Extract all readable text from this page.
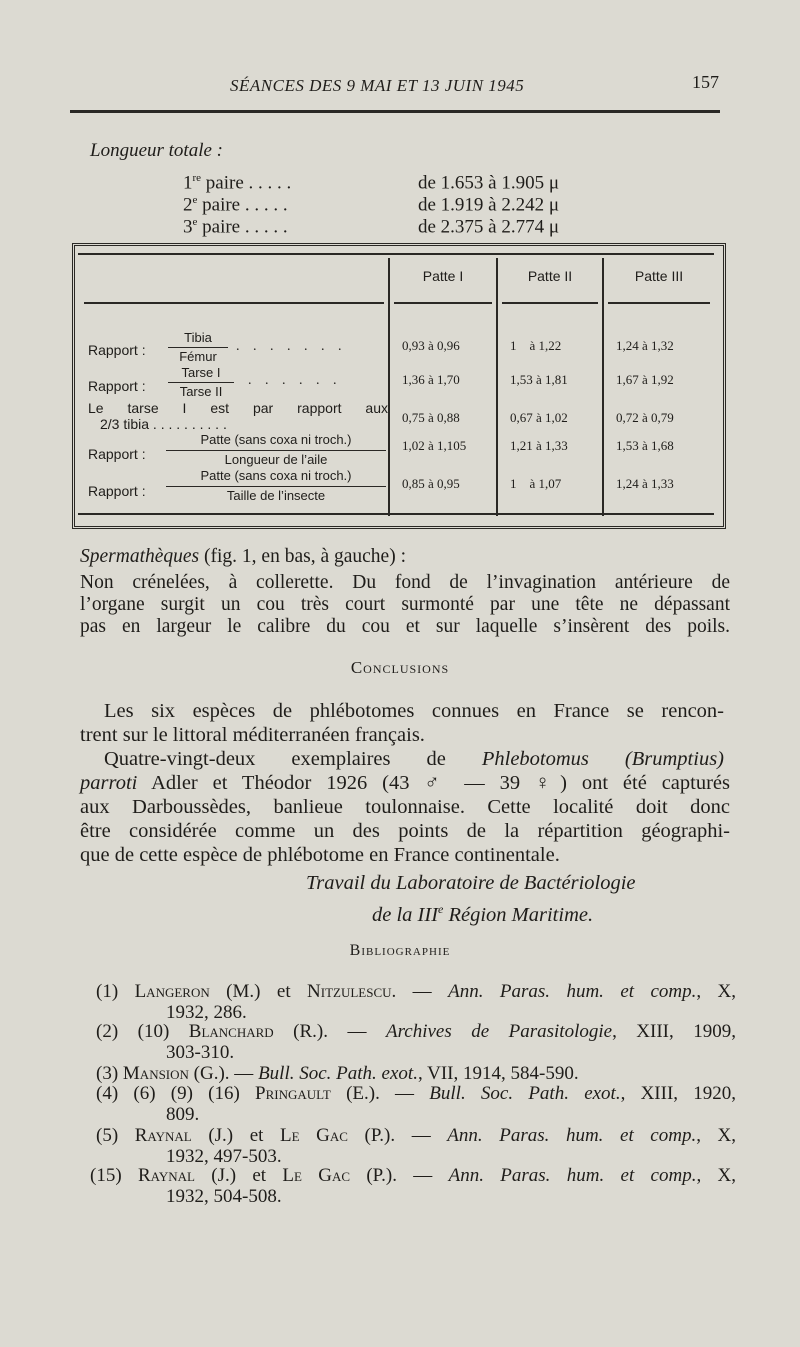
SÉANCES DES 9 MAI ET 13 JUIN 1945	157
Longueur totale :
1re paire . . . . .	de 1.653 à 1.905 μ
2e paire . . . . .	de 1.919 à 2.242 μ
3e paire . . . . .	de 2.375 à 2.774 μ
Patte I	Patte II	Patte III
Rapport :
Tibia
Fémur
. . . . . . .	0,93 à 0,96	1    à 1,22	1,24 à 1,32
Rapport :
Tarse I
Tarse II
. . . . . .	1,36 à 1,70	1,53 à 1,81	1,67 à 1,92
Le tarse I est par rapport aux
2/3 tibia . . . . . . . . . .	0,75 à 0,88	0,67 à 1,02	0,72 à 0,79
Rapport :
Patte (sans coxa ni troch.)
Longueur de l’aile
1,02 à 1,105	1,21 à 1,33	1,53 à 1,68
Rapport :
Patte (sans coxa ni troch.)
Taille de l’insecte
0,85 à 0,95	1    à 1,07	1,24 à 1,33
Spermathèques (fig. 1, en bas, à gauche) :
Non crénelées, à collerette. Du fond de l’invagination antérieure de
l’organe surgit un cou très court surmonté par une tête ne dépassant
pas en largeur le calibre du cou et sur laquelle s’insèrent des poils.
Conclusions
Les six espèces de phlébotomes connues en France se rencon-
trent sur le littoral méditerranéen français.
Quatre-vingt-deux exemplaires de Phlebotomus (Brumptius)
parroti Adler et Théodor 1926 (43 ♂ — 39 ♀) ont été capturés
aux Darboussèdes, banlieue toulonnaise. Cette localité doit donc
être considérée comme un des points de la répartition géographi-
que de cette espèce de phlébotome en France continentale.
Travail du Laboratoire de Bactériologie
de la IIIe Région Maritime.
Bibliographie
(1) Langeron (M.) et Nitzulescu. — Ann. Paras. hum. et comp., X,
1932, 286.
(2) (10) Blanchard (R.). — Archives de Parasitologie, XIII, 1909,
303-310.
(3) Mansion (G.). — Bull. Soc. Path. exot., VII, 1914, 584-590.
(4) (6) (9) (16) Pringault (E.). — Bull. Soc. Path. exot., XIII, 1920,
809.
(5) Raynal (J.) et Le Gac (P.). — Ann. Paras. hum. et comp., X,
1932, 497-503.
(15) Raynal (J.) et Le Gac (P.). — Ann. Paras. hum. et comp., X,
1932, 504-508.
